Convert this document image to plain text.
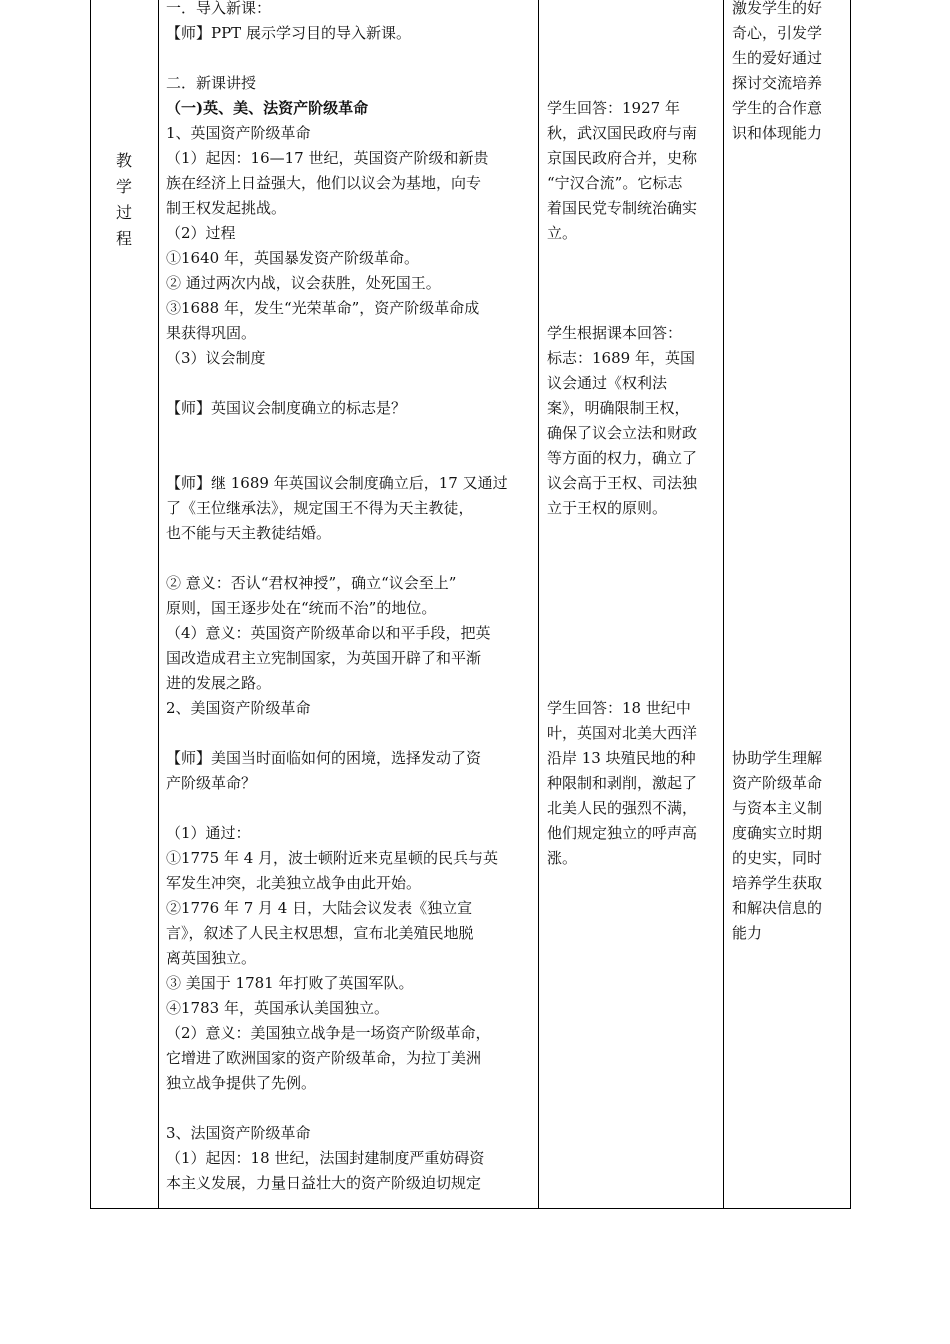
教
学
过
程
一．导入新课：
【师】PPT 展示学习目的导入新课。
二．新课讲授
（一)英、美、法资产阶级革命
1、英国资产阶级革命
（1）起因：16—17 世纪，英国资产阶级和新贵
族在经济上日益强大，他们以议会为基地，向专
制王权发起挑战。
（2）过程
①1640 年，英国暴发资产阶级革命。
② 通过两次内战，议会获胜，处死国王。
③1688 年，发生“光荣革命”，资产阶级革命成
果获得巩固。
（3）议会制度
【师】英国议会制度确立的标志是？
【师】继 1689 年英国议会制度确立后，17 又通过
了《王位继承法》，规定国王不得为天主教徒，
也不能与天主教徒结婚。
② 意义：否认“君权神授”，确立“议会至上”
原则，国王逐步处在“统而不治”的地位。
（4）意义：英国资产阶级革命以和平手段，把英
国改造成君主立宪制国家，为英国开辟了和平渐
进的发展之路。
2、美国资产阶级革命
【师】美国当时面临如何的困境，选择发动了资
产阶级革命？
（1）通过：
①1775 年 4 月，波士顿附近来克星顿的民兵与英
军发生冲突，北美独立战争由此开始。
②1776 年 7 月 4 日，大陆会议发表《独立宣
言》，叙述了人民主权思想，宣布北美殖民地脱
离英国独立。
③ 美国于 1781 年打败了英国军队。
④1783 年，英国承认美国独立。
（2）意义：美国独立战争是一场资产阶级革命，
它增进了欧洲国家的资产阶级革命，为拉丁美洲
独立战争提供了先例。
3、法国资产阶级革命
（1）起因：18 世纪，法国封建制度严重妨碍资
本主义发展，力量日益壮大的资产阶级迫切规定
学生回答：1927 年
秋，武汉国民政府与南
京国民政府合并，史称
“宁汉合流”。它标志
着国民党专制统治确实
立。
学生根据课本回答：
标志：1689 年，英国
议会通过《权利法
案》，明确限制王权，
确保了议会立法和财政
等方面的权力，确立了
议会高于王权、司法独
立于王权的原则。
学生回答：18 世纪中
叶，英国对北美大西洋
沿岸 13 块殖民地的种
种限制和剥削，激起了
北美人民的强烈不满，
他们规定独立的呼声高
涨。
激发学生的好
奇心，引发学
生的爱好通过
探讨交流培养
学生的合作意
识和体现能力
协助学生理解
资产阶级革命
与资本主义制
度确实立时期
的史实，同时
培养学生获取
和解决信息的
能力
